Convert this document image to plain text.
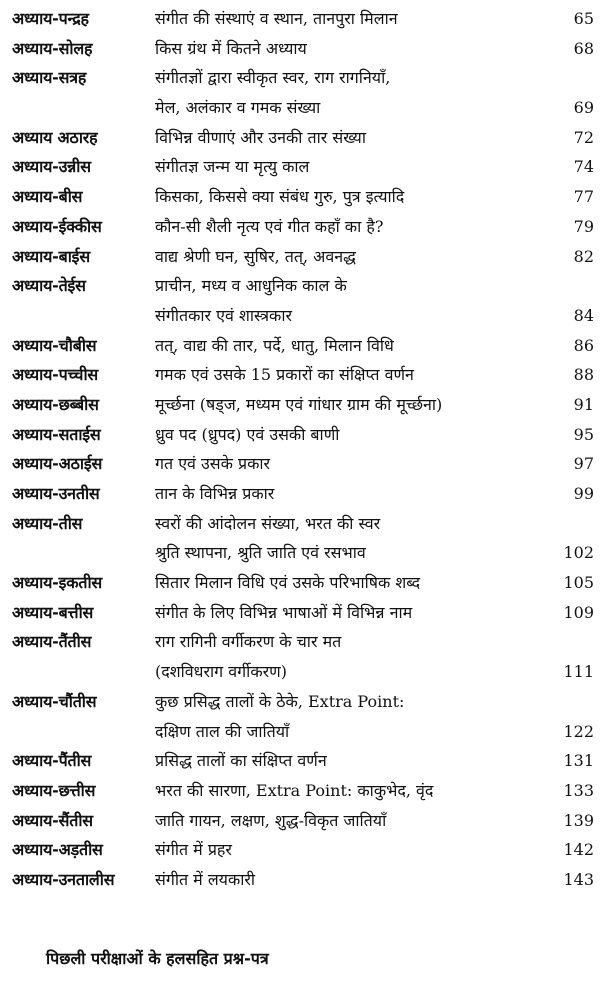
अध्याय-पन्द्रह	संगीत की संस्थाएं व स्थान, तानपुरा मिलान	65
अध्याय-सोलह	किस ग्रंथ में कितने अध्याय	68
अध्याय-सत्रह	संगीतज्ञों द्वारा स्वीकृत स्वर, राग रागनियाँ,
मेल, अलंकार व गमक संख्या	69
अध्याय अठारह	विभिन्न वीणाएं और उनकी तार संख्या	72
अध्याय-उन्नीस	संगीतज्ञ जन्म या मृत्यु काल	74
अध्याय-बीस	किसका, किससे क्या संबंध गुरु, पुत्र इत्यादि	77
अध्याय-ईक्कीस	कौन-सी शैली नृत्य एवं गीत कहाँ का है?	79
अध्याय-बाईस	वाद्य श्रेणी घन, सुषिर, तत्, अवनद्ध	82
अध्याय-तेईस	प्राचीन, मध्य व आधुनिक काल के
संगीतकार एवं शास्त्रकार	84
अध्याय-चौबीस	तत्, वाद्य की तार, पर्दे, धातु, मिलान विधि	86
अध्याय-पच्चीस	गमक एवं उसके 15 प्रकारों का संक्षिप्त वर्णन	88
अध्याय-छब्बीस	मूर्च्छना (षड्ज, मध्यम एवं गांधार ग्राम की मूर्च्छना)	91
अध्याय-सताईस	ध्रुव पद (ध्रुपद) एवं उसकी बाणी	95
अध्याय-अठाईस	गत एवं उसके प्रकार	97
अध्याय-उनतीस	तान के विभिन्न प्रकार	99
अध्याय-तीस	स्वरों की आंदोलन संख्या, भरत की स्वर
श्रुति स्थापना, श्रुति जाति एवं रसभाव	102
अध्याय-इकतीस	सितार मिलान विधि एवं उसके परिभाषिक शब्द	105
अध्याय-बत्तीस	संगीत के लिए विभिन्न भाषाओं में विभिन्न नाम	109
अध्याय-तैंतीस	राग रागिनी वर्गीकरण के चार मत
(दशविधराग वर्गीकरण)	111
अध्याय-चौंतीस	कुछ प्रसिद्ध तालों के ठेके, Extra Point:
दक्षिण ताल की जातियाँ	122
अध्याय-पैंतीस	प्रसिद्ध तालों का संक्षिप्त वर्णन	131
अध्याय-छत्तीस	भरत की सारणा, Extra Point: काकुभेद, वृंद	133
अध्याय-सैंतीस	जाति गायन, लक्षण, शुद्ध-विकृत जातियाँ	139
अध्याय-अड़तीस	संगीत में प्रहर	142
अध्याय-उनतालीस	संगीत में लयकारी	143
पिछली परीक्षाओं के हलसहित प्रश्न-पत्र
